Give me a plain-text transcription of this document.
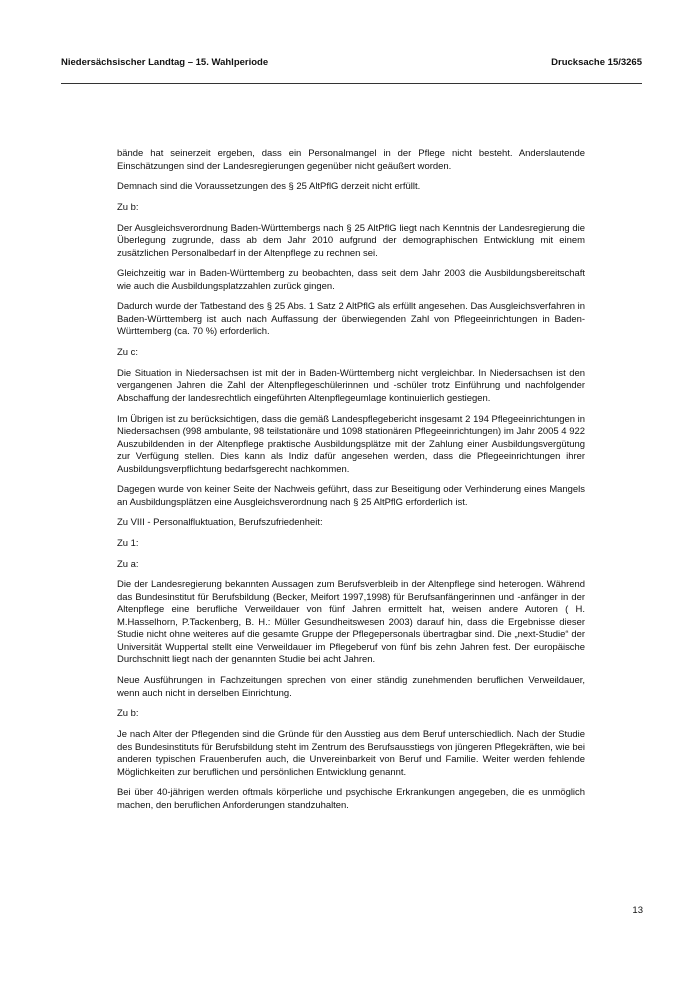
Niedersächsischer Landtag – 15. Wahlperiode	Drucksache 15/3265

bände hat seinerzeit ergeben, dass ein Personalmangel in der Pflege nicht besteht. Anderslautende Einschätzungen sind der Landesregierungen gegenüber nicht geäußert worden.

Demnach sind die Voraussetzungen des § 25 AltPflG derzeit nicht erfüllt.

Zu b:

Der Ausgleichsverordnung Baden-Württembergs nach § 25 AltPflG liegt nach Kenntnis der Landesregierung die Überlegung zugrunde, dass ab dem Jahr 2010 aufgrund der demographischen Entwicklung mit einem zusätzlichen Personalbedarf in der Altenpflege zu rechnen sei.

Gleichzeitig war in Baden-Württemberg zu beobachten, dass seit dem Jahr 2003 die Ausbildungsbereitschaft wie auch die Ausbildungsplatzzahlen zurück gingen.

Dadurch wurde der Tatbestand des § 25 Abs. 1 Satz 2 AltPflG als erfüllt angesehen. Das Ausgleichsverfahren in Baden-Württemberg ist auch nach Auffassung der überwiegenden Zahl von Pflegeeinrichtungen in Baden-Württemberg (ca. 70 %) erforderlich.

Zu c:

Die Situation in Niedersachsen ist mit der in Baden-Württemberg nicht vergleichbar. In Niedersachsen ist den vergangenen Jahren die Zahl der Altenpflegeschülerinnen und -schüler trotz Einführung und nachfolgender Abschaffung der landesrechtlich eingeführten Altenpflegeumlage kontinuierlich gestiegen.

Im Übrigen ist zu berücksichtigen, dass die gemäß Landespflegebericht insgesamt 2 194 Pflegeeinrichtungen in Niedersachsen (998 ambulante, 98 teilstationäre und 1098 stationären Pflegeeinrichtungen) im Jahr 2005 4 922 Auszubildenden in der Altenpflege praktische Ausbildungsplätze mit der Zahlung einer Ausbildungsvergütung zur Verfügung stellen. Dies kann als Indiz dafür angesehen werden, dass die Pflegeeinrichtungen ihrer Ausbildungsverpflichtung bedarfsgerecht nachkommen.

Dagegen wurde von keiner Seite der Nachweis geführt, dass zur Beseitigung oder Verhinderung eines Mangels an Ausbildungsplätzen eine Ausgleichsverordnung nach § 25 AltPflG erforderlich ist.

Zu VIII - Personalfluktuation, Berufszufriedenheit:

Zu 1:

Zu a:

Die der Landesregierung bekannten Aussagen zum Berufsverbleib in der Altenpflege sind heterogen. Während das Bundesinstitut für Berufsbildung (Becker, Meifort 1997,1998) für Berufsanfängerinnen und -anfänger in der Altenpflege eine berufliche Verweildauer von fünf Jahren ermittelt hat, weisen andere Autoren ( H. M.Hasselhorn, P.Tackenberg, B. H.: Müller Gesundheitswesen 2003) darauf hin, dass die Ergebnisse dieser Studie nicht ohne weiteres auf die gesamte Gruppe der Pflegepersonals übertragbar sind. Die „next-Studie“ der Universität Wuppertal stellt eine Verweildauer im Pflegeberuf von fünf bis zehn Jahren fest. Der europäische Durchschnitt liegt nach der genannten Studie bei acht Jahren.

Neue Ausführungen in Fachzeitungen sprechen von einer ständig zunehmenden beruflichen Verweildauer, wenn auch nicht in derselben Einrichtung.

Zu b:

Je nach Alter der Pflegenden sind die Gründe für den Ausstieg aus dem Beruf unterschiedlich. Nach der Studie des Bundesinstituts für Berufsbildung steht im Zentrum des Berufsausstiegs von jüngeren Pflegekräften, wie bei anderen typischen Frauenberufen auch, die Unvereinbarkeit von Beruf und Familie. Weiter werden fehlende Möglichkeiten zur beruflichen und persönlichen Entwicklung genannt.

Bei über 40-jährigen werden oftmals körperliche und psychische Erkrankungen angegeben, die es unmöglich machen, den beruflichen Anforderungen standzuhalten.

13
